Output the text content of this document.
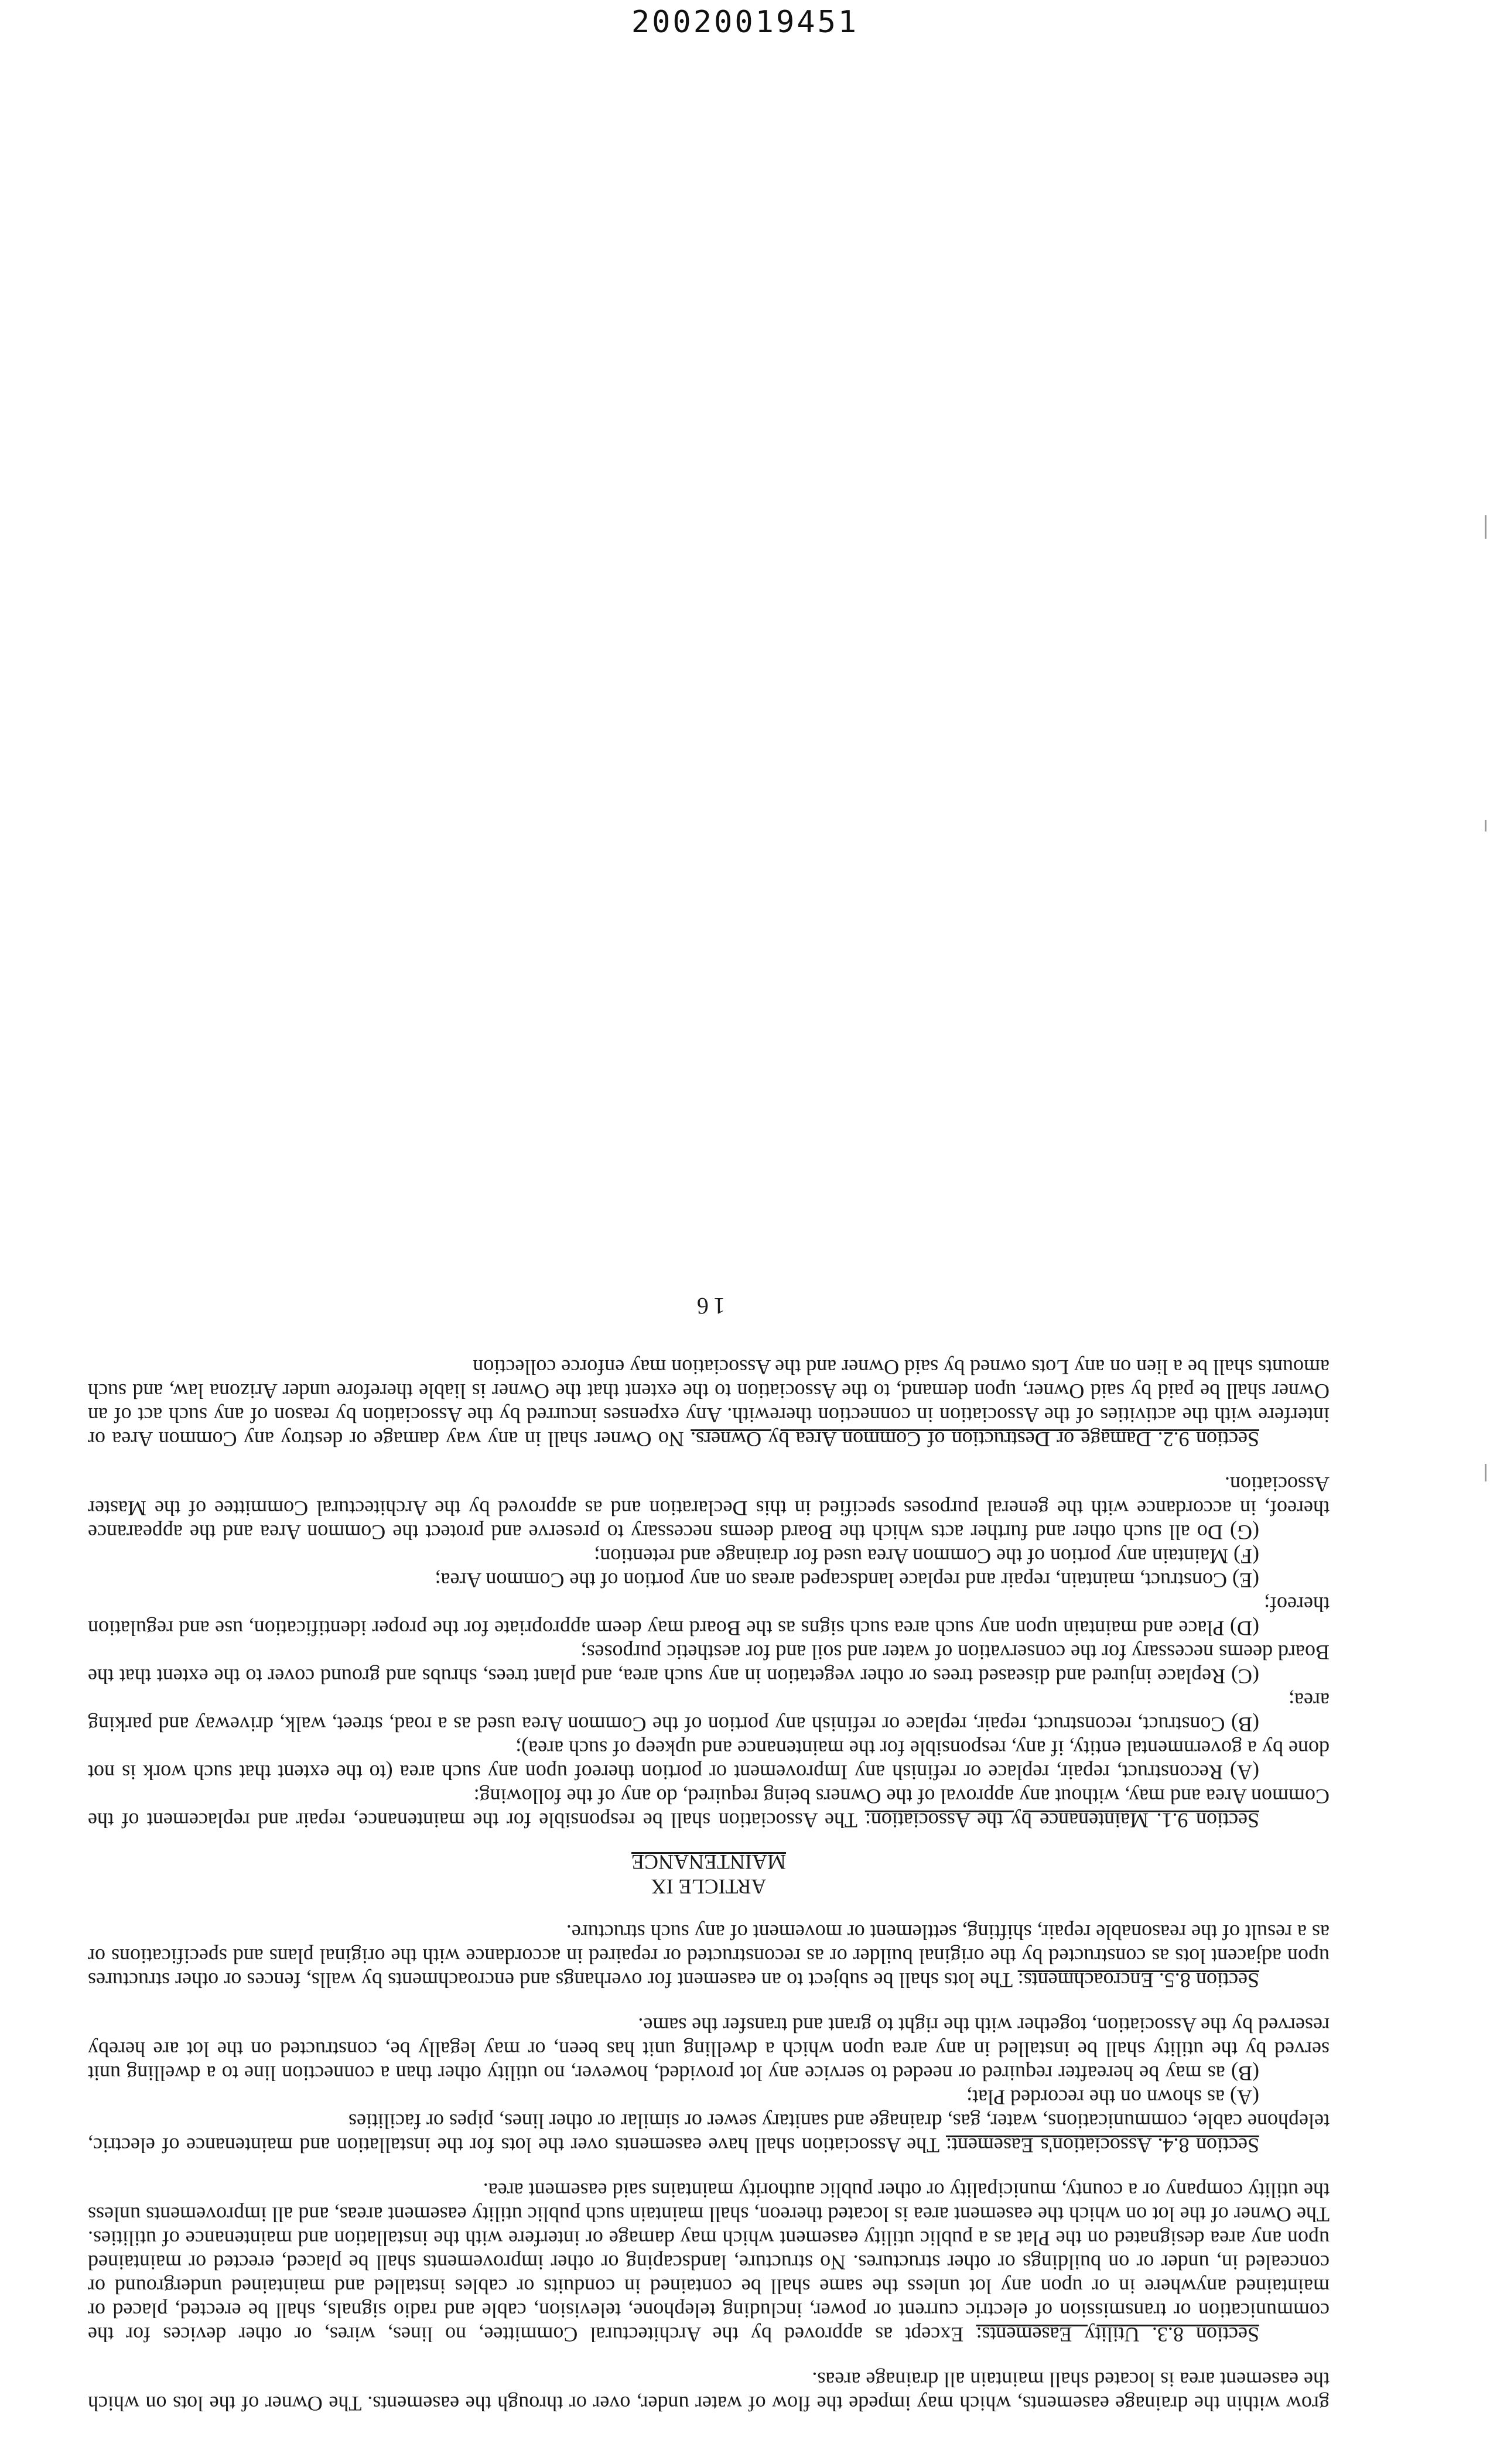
20020019451

grow within the drainage easements, which may impede the flow of water under, over or through the easements. The Owner of the lots on which the easement area is located shall maintain all drainage areas.

Section 8.3. Utility Easements: Except as approved by the Architectural Committee, no lines, wires, or other devices for the communication or transmission of electric current or power, including telephone, television, cable and radio signals, shall be erected, placed or maintained anywhere in or upon any lot unless the same shall be contained in conduits or cables installed and maintained underground or concealed in, under or on buildings or other structures. No structure, landscaping or other improvements shall be placed, erected or maintained upon any area designated on the Plat as a public utility easement which may damage or interfere with the installation and maintenance of utilities. The Owner of the lot on which the easement area is located thereon, shall maintain such public utility easement areas, and all improvements unless the utility company or a county, municipality or other public authority maintains said easement area.

Section 8.4. Association's Easement: The Association shall have easements over the lots for the installation and maintenance of electric, telephone cable, communications, water, gas, drainage and sanitary sewer or similar or other lines, pipes or facilities

(A) as shown on the recorded Plat;

(B) as may be hereafter required or needed to service any lot provided, however, no utility other than a connection line to a dwelling unit served by the utility shall be installed in any area upon which a dwelling unit has been, or may legally be, constructed on the lot are hereby reserved by the Association, together with the right to grant and transfer the same.

Section 8.5. Encroachments: The lots shall be subject to an easement for overhangs and encroachments by walls, fences or other structures upon adjacent lots as constructed by the original builder or as reconstructed or repaired in accordance with the original plans and specifications or as a result of the reasonable repair, shifting, settlement or movement of any such structure.

ARTICLE IX
MAINTENANCE

Section 9.1. Maintenance by the Association: The Association shall be responsible for the maintenance, repair and replacement of the Common Area and may, without any approval of the Owners being required, do any of the following:

(A) Reconstruct, repair, replace or refinish any Improvement or portion thereof upon any such area (to the extent that such work is not done by a governmental entity, if any, responsible for the maintenance and upkeep of such area);

(B) Construct, reconstruct, repair, replace or refinish any portion of the Common Area used as a road, street, walk, driveway and parking area;

(C) Replace injured and diseased trees or other vegetation in any such area, and plant trees, shrubs and ground cover to the extent that the Board deems necessary for the conservation of water and soil and for aesthetic purposes;

(D) Place and maintain upon any such area such signs as the Board may deem appropriate for the proper identification, use and regulation thereof;

(E) Construct, maintain, repair and replace landscaped areas on any portion of the Common Area;

(F) Maintain any portion of the Common Area used for drainage and retention;

(G) Do all such other and further acts which the Board deems necessary to preserve and protect the Common Area and the appearance thereof, in accordance with the general purposes specified in this Declaration and as approved by the Architectural Committee of the Master Association.

Section 9.2. Damage or Destruction of Common Area by Owners. No Owner shall in any way damage or destroy any Common Area or interfere with the activities of the Association in connection therewith. Any expenses incurred by the Association by reason of any such act of an Owner shall be paid by said Owner, upon demand, to the Association to the extent that the Owner is liable therefore under Arizona law, and such amounts shall be a lien on any Lots owned by said Owner and the Association may enforce collection

16
